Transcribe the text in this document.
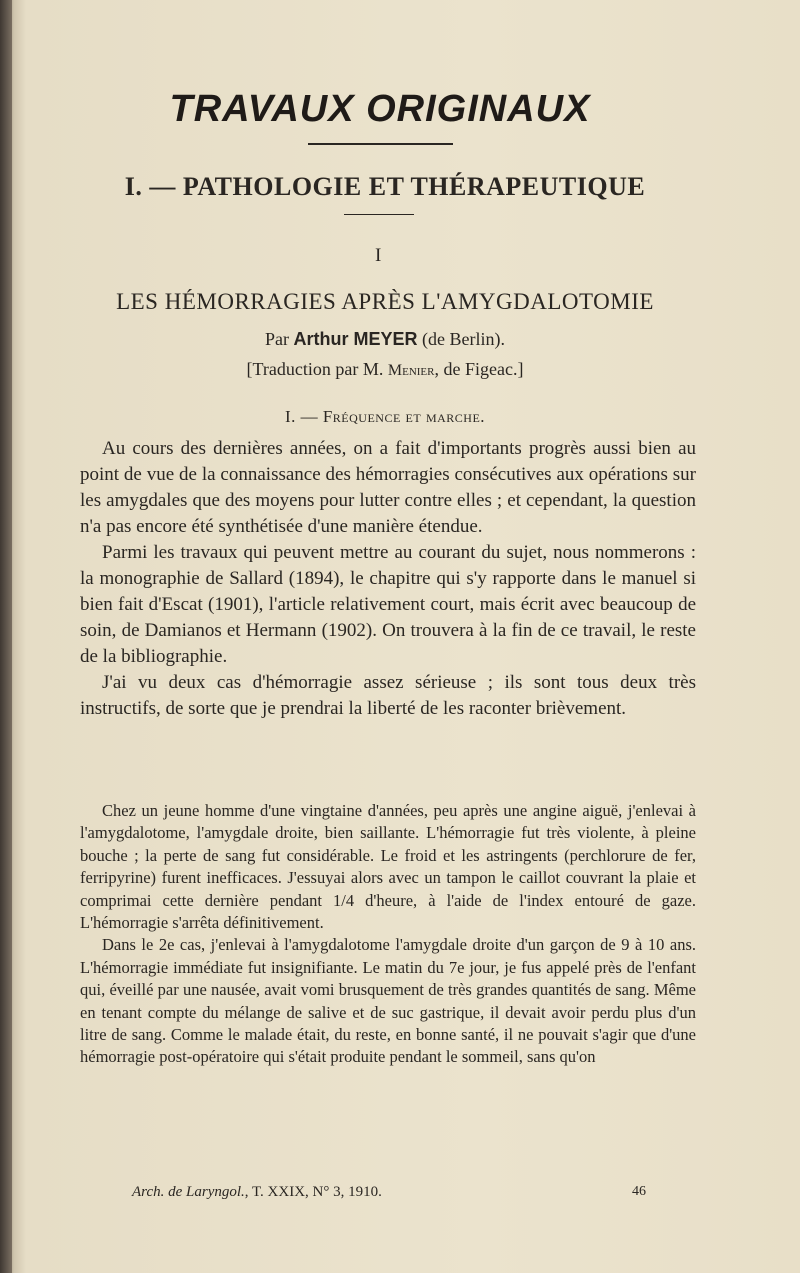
TRAVAUX ORIGINAUX
I. — PATHOLOGIE ET THÉRAPEUTIQUE
I
LES HÉMORRAGIES APRÈS L'AMYGDALOTOMIE
Par Arthur MEYER (de Berlin).
[Traduction par M. Menier, de Figeac.]
I. — Fréquence et marche.

Au cours des dernières années, on a fait d'importants progrès aussi bien au point de vue de la connaissance des hémorragies consécutives aux opérations sur les amygdales que des moyens pour lutter contre elles ; et cependant, la question n'a pas encore été synthétisée d'une manière étendue.

Parmi les travaux qui peuvent mettre au courant du sujet, nous nommerons : la monographie de Sallard (1894), le chapitre qui s'y rapporte dans le manuel si bien fait d'Escat (1901), l'article relativement court, mais écrit avec beaucoup de soin, de Damianos et Hermann (1902). On trouvera à la fin de ce travail, le reste de la bibliographie.

J'ai vu deux cas d'hémorragie assez sérieuse ; ils sont tous deux très instructifs, de sorte que je prendrai la liberté de les raconter brièvement.

Chez un jeune homme d'une vingtaine d'années, peu après une angine aiguë, j'enlevai à l'amygdalotome, l'amygdale droite, bien saillante. L'hémorragie fut très violente, à pleine bouche ; la perte de sang fut considérable. Le froid et les astringents (perchlorure de fer, ferripyrine) furent inefficaces. J'essuyai alors avec un tampon le caillot couvrant la plaie et comprimai cette dernière pendant 1/4 d'heure, à l'aide de l'index entouré de gaze. L'hémorragie s'arrêta définitivement.

Dans le 2e cas, j'enlevai à l'amygdalotome l'amygdale droite d'un garçon de 9 à 10 ans. L'hémorragie immédiate fut insignifiante. Le matin du 7e jour, je fus appelé près de l'enfant qui, éveillé par une nausée, avait vomi brusquement de très grandes quantités de sang. Même en tenant compte du mélange de salive et de suc gastrique, il devait avoir perdu plus d'un litre de sang. Comme le malade était, du reste, en bonne santé, il ne pouvait s'agir que d'une hémorragie post-opératoire qui s'était produite pendant le sommeil, sans qu'on

Arch. de Laryngol., T. XXIX, N° 3, 1910.	46
